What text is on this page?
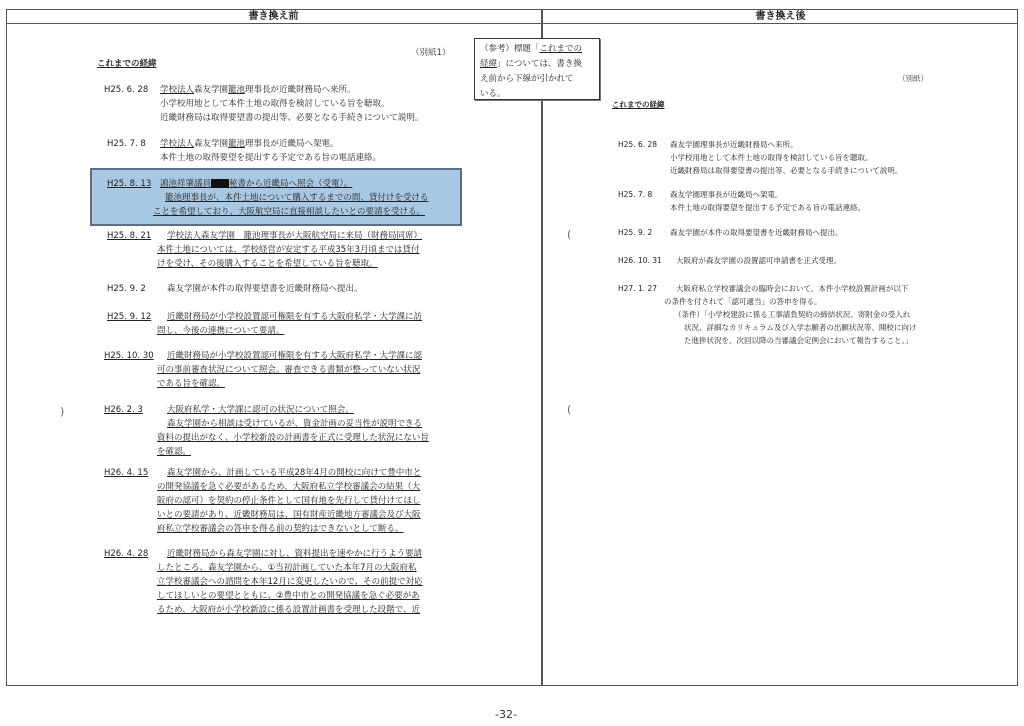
書き換え前	書き換え後
（別紙1）
これまでの経緯
H25. 6. 28 学校法人森友学園籠池理事長が近畿財務局へ来所。
小学校用地として本件土地の取得を検討している旨を聴取。
近畿財務局は取得要望書の提出等、必要となる手続きについて説明。
H25. 7. 8 学校法人森友学園籠池理事長が近畿局へ架電。
本件土地の取得要望を提出する予定である旨の電話連絡。
H25. 8. 13 鴻池祥肇議員 秘書から近畿局へ照会（受電）。
籠池理事長が、本件土地について購入するまでの間、貸付けを受ける
ことを希望しており、大阪航空局に直接相談したいとの要請を受ける。
H25. 8. 21 学校法人森友学園　籠池理事長が大阪航空局に来局（財務局同席）
本件土地については、学校経営が安定する平成35年3月頃までは貸付
けを受け、その後購入することを希望している旨を聴取。
H25. 9. 2 森友学園が本件の取得要望書を近畿財務局へ提出。
H25. 9. 12 近畿財務局が小学校設置認可権限を有する大阪府私学・大学課に訪
問し、今後の連携について要請。
H25. 10. 30 近畿財務局が小学校設置認可権限を有する大阪府私学・大学課に認
可の事前審査状況について照会。審査できる書類が整っていない状況
である旨を確認。
H26. 2. 3	大阪府私学・大学課に認可の状況について照会。
森友学園から相談は受けているが、資金計画の妥当性が説明できる
資料の提出がなく、小学校新設の計画書を正式に受理した状況にない旨
を確認。
H26. 4. 15 森友学園から、計画している平成28年4月の開校に向けて豊中市と
の開発協議を急ぐ必要があるため、大阪府私立学校審議会の結果（大
阪府の認可）を契約の停止条件として国有地を先行して貸付けてほし
いとの要請があり、近畿財務局は、国有財産近畿地方審議会及び大阪
府私立学校審議会の答申を得る前の契約はできないとして断る。
H26. 4. 28 近畿財務局から森友学園に対し、資料提出を速やかに行うよう要請
したところ、森友学園から、①当初計画していた本年7月の大阪府私
立学校審議会への諮問を本年12月に変更したいので、その前提で対応
してほしいとの要望とともに、②豊中市との開発協議を急ぐ必要があ
るため、大阪府が小学校新設に係る設置計画書を受理した段階で、近
)
（参考）標題「これまでの
経緯」については、書き換
え前から下線が引かれて
いる。
（別紙）
これまでの経緯
H25. 6. 28 森友学園理事長が近畿財務局へ来所。
小学校用地として本件土地の取得を検討している旨を聴取。
近畿財務局は取得要望書の提出等、必要となる手続きについて説明。
H25. 7. 8 森友学園理事長が近畿局へ架電。
本件土地の取得要望を提出する予定である旨の電話連絡。
H25. 9. 2 森友学園が本件の取得要望書を近畿財務局へ提出。
H26. 10. 31 大阪府が森友学園の設置認可申請書を正式受理。
H27. 1. 27	大阪府私立学校審議会の臨時会において、本件小学校設置計画が以下
の条件を付されて「認可適当」の答申を得る。
（条件）「小学校建設に係る工事請負契約の締結状況、寄附金の受入れ
状況、詳細なカリキュラム及び入学志願者の出願状況等、開校に向け
た進捗状況を、次回以降の当審議会定例会において報告すること。」
(
(
-32-
